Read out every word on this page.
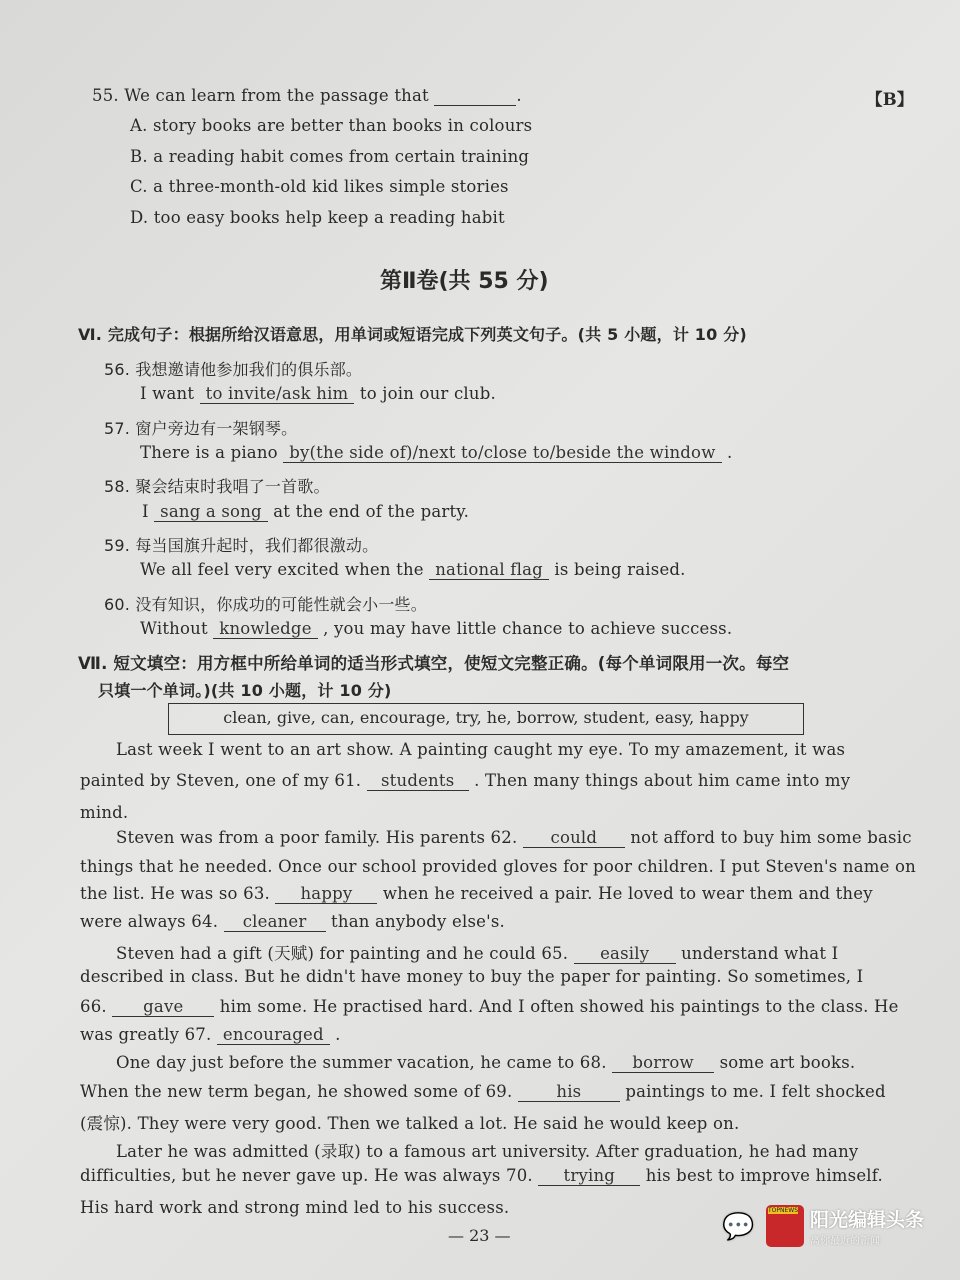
55. We can learn from the passage that	.	【B】
A. story books are better than books in colours
B. a reading habit comes from certain training
C. a three-month-old kid likes simple stories
D. too easy books help keep a reading habit
第Ⅱ卷(共 55 分)
Ⅵ. 完成句子：根据所给汉语意思，用单词或短语完成下列英文句子。(共 5 小题，计 10 分)
56. 我想邀请他参加我们的俱乐部。
I want to invite/ask him to join our club.
57. 窗户旁边有一架钢琴。
There is a piano by(the side of)/next to/close to/beside the window .
58. 聚会结束时我唱了一首歌。
I sang a song at the end of the party.
59. 每当国旗升起时，我们都很激动。
We all feel very excited when the national flag is being raised.
60. 没有知识，你成功的可能性就会小一些。
Without knowledge , you may have little chance to achieve success.
Ⅶ. 短文填空：用方框中所给单词的适当形式填空，使短文完整正确。(每个单词限用一次。每空
只填一个单词。)(共 10 小题，计 10 分)
clean, give, can, encourage, try, he, borrow, student, easy, happy
Last week I went to an art show. A painting caught my eye. To my amazement, it was
painted by Steven, one of my 61. students . Then many things about him came into my
mind.
Steven was from a poor family. His parents 62. could not afford to buy him some basic
things that he needed. Once our school provided gloves for poor children. I put Steven's name on
the list. He was so 63. happy when he received a pair. He loved to wear them and they
were always 64. cleaner than anybody else's.
Steven had a gift (天赋) for painting and he could 65. easily understand what I
described in class. But he didn't have money to buy the paper for painting. So sometimes, I
66. gave him some. He practised hard. And I often showed his paintings to the class. He
was greatly 67. encouraged .
One day just before the summer vacation, he came to 68. borrow some art books.
When the new term began, he showed some of 69.	his	paintings to me. I felt shocked
(震惊). They were very good. Then we talked a lot. He said he would keep on.
Later he was admitted (录取) to a famous art university. After graduation, he had many
difficulties, but he never gave up. He was always 70. trying his best to improve himself.
His hard work and strong mind led to his success.
— 23 —	💬
TOPNEWS 阳光编辑头条
离你最近的新闻
